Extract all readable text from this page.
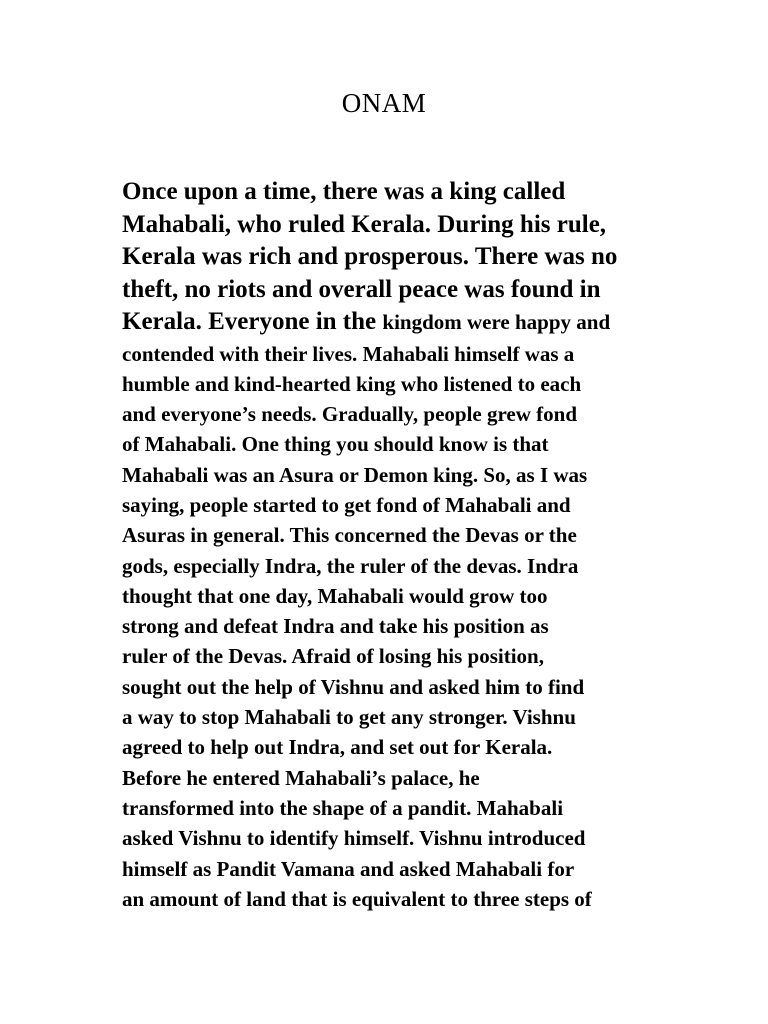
ONAM
Once upon a time, there was a king called
Mahabali, who ruled Kerala. During his rule,
Kerala was rich and prosperous. There was no
theft, no riots and overall peace was found in
Kerala. Everyone in the kingdom were happy and
contended with their lives. Mahabali himself was a
humble and kind-hearted king who listened to each
and everyone’s needs. Gradually, people grew fond
of Mahabali. One thing you should know is that
Mahabali was an Asura or Demon king. So, as I was
saying, people started to get fond of Mahabali and
Asuras in general. This concerned the Devas or the
gods, especially Indra, the ruler of the devas. Indra
thought that one day, Mahabali would grow too
strong and defeat Indra and take his position as
ruler of the Devas. Afraid of losing his position,
sought out the help of Vishnu and asked him to find
a way to stop Mahabali to get any stronger. Vishnu
agreed to help out Indra, and set out for Kerala.
Before he entered Mahabali’s palace, he
transformed into the shape of a pandit. Mahabali
asked Vishnu to identify himself. Vishnu introduced
himself as Pandit Vamana and asked Mahabali for
an amount of land that is equivalent to three steps of
